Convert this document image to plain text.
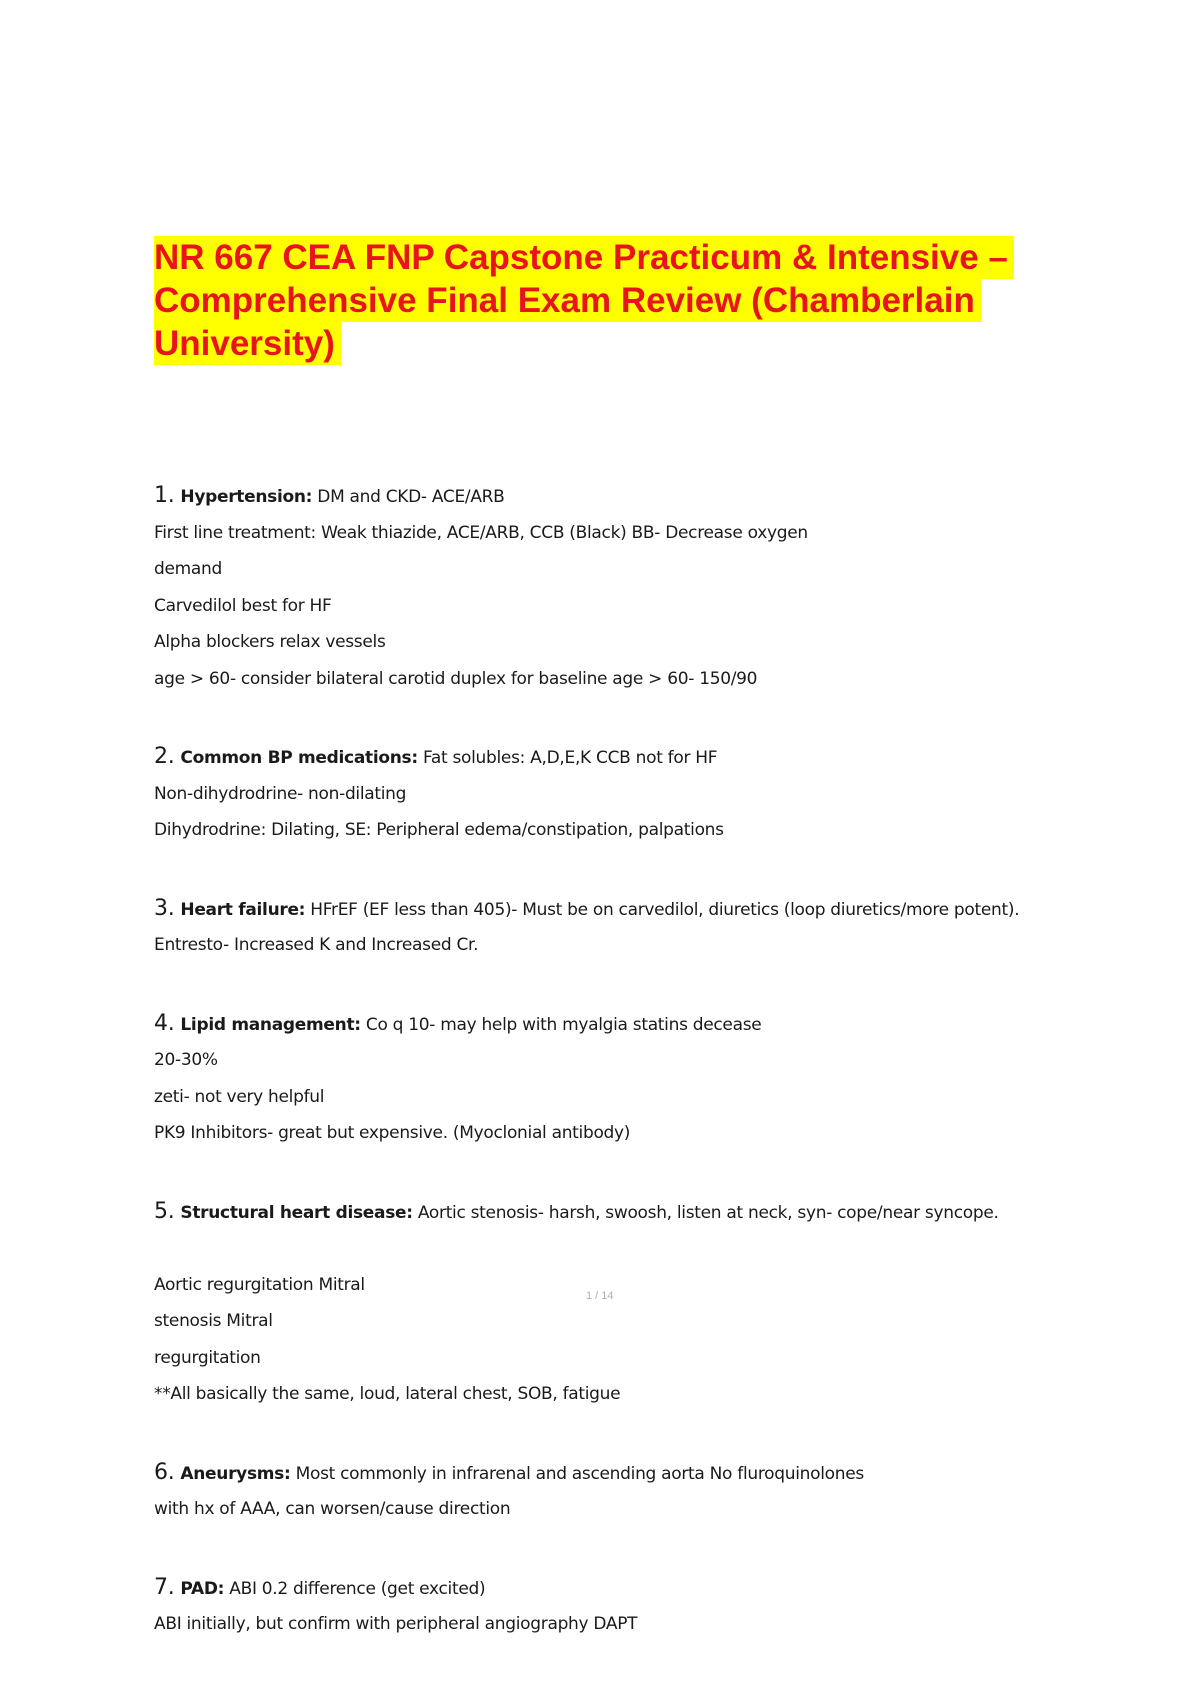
NR 667 CEA FNP Capstone Practicum & Intensive –
Comprehensive Final Exam Review (Chamberlain
University)
1. Hypertension: DM and CKD- ACE/ARB
First line treatment: Weak thiazide, ACE/ARB, CCB (Black) BB- Decrease oxygen
demand
Carvedilol best for HF
Alpha blockers relax vessels
age > 60- consider bilateral carotid duplex for baseline age > 60- 150/90
2. Common BP medications: Fat solubles: A,D,E,K CCB not for HF
Non-dihydrodrine- non-dilating
Dihydrodrine: Dilating, SE: Peripheral edema/constipation, palpations
3. Heart failure: HFrEF (EF less than 405)- Must be on carvedilol, diuretics (loop diuretics/more potent).
Entresto- Increased K and Increased Cr.
4. Lipid management: Co q 10- may help with myalgia statins decease
20-30%
zeti- not very helpful
PK9 Inhibitors- great but expensive. (Myoclonial antibody)
5. Structural heart disease: Aortic stenosis- harsh, swoosh, listen at neck, syn- cope/near syncope.
Aortic regurgitation Mitral
stenosis Mitral
regurgitation
**All basically the same, loud, lateral chest, SOB, fatigue
6. Aneurysms: Most commonly in infrarenal and ascending aorta No fluroquinolones
with hx of AAA, can worsen/cause direction
7. PAD: ABI 0.2 difference (get excited)
ABI initially, but confirm with peripheral angiography DAPT
1 / 14
